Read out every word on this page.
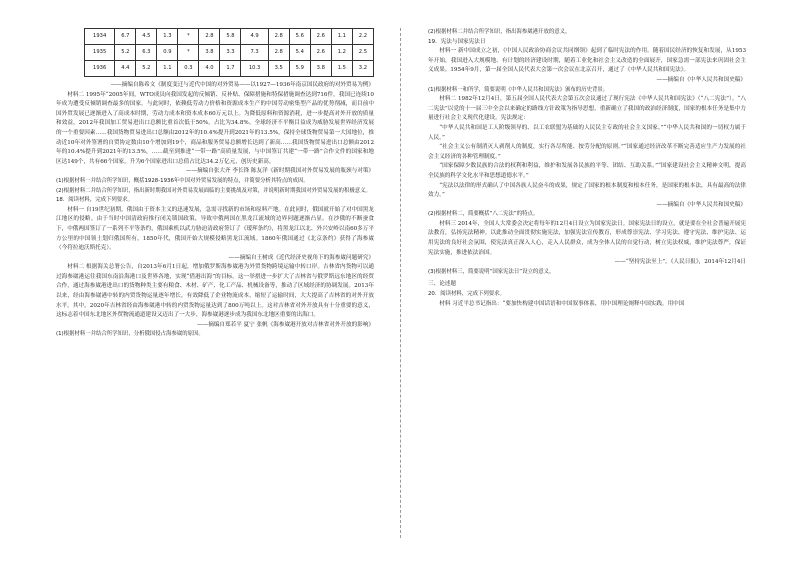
1934	6.7	4.5	1.3	*	2.8	5.8	4.9	2.8	5.6	2.6	1.1	2.2
1935	5.2	6.3	0.9	*	3.8	3.3	7.3	2.8	5.4	2.6	1.2	2.5
1936	4.4	5.2	1.1	0.3	4.0	1.7	10.3	3.5	5.9	3.8	1.5	3.2

——摘编自陈希文《制度变迁与近代中国的对外贸易——以1927—1936年南京国民政府的对外贸易为例》

材料二 1995年“2005年间，WTO成员向我国发起的反倾销、反补贴、保障措施和特保措施调查达到716件，我国已连续10年成为遭受反倾销调查最多的国家。与此同时，依赖低劳动力价格和资源成本生产的中国劳动密集型产品的优势削减，而目前中国外贸发展已逐渐进入了高成本时期，劳动力成本和资本成本60万元以上。为降低原料和资源消耗，进一步提高对外开放的质量和效益，2012年我国加工贸易进出口总额比重首次低于50%，占比为34.8%。全球经济不平衡目益成为威胁发展世界经济发展的一个重要因素……我国货物贸易进出口总额由2012年的10.4%提升到2021年的13.5%，保持全球货物贸易第一大国地位，推动近10年对外签署的自贸协定数由10个增加到19个，商品和服务贸易总额增长达到了新高……我国货物贸易进出口总额由2012年的10.4%提升到2021年的13.5%，……截至到推进“一带一路”高质量发展，与中国签订共建“一带一路”合作文件的国家和地区达149个，共有66个国家，升为6个国家进出口总值占比达34.2万亿元，创历史新高。

——摘编自张大齐 李长锋 陈友洋《新时期我国对外贸易发展的瓶颈与对策》

(1)根据材料一并结合所学知识，概括1928-1936年中国对外贸易发展的特点，并简要分析其特点的成因。

(2)根据材料二并结合所学知识，指出新时期我国对外贸易发展面临的主要挑战及对策，并说明新时期我国对外贸易发展的积极意义。

18．阅读材料，完成下列要求。

材料一 自19世纪初期，俄国由于资本主义的迅速发展，急需寻找新的市场和原料产地。在此同时，俄国就开始了对中国黑龙江地区的侵略。由于当时中国清政府推行闭关锁国政策，导致中俄两国在黑龙江流域的边界问题逐渐凸显。在沙俄的不断蚕食下，中俄两国签订了一系列不平等条约，俄国乘机以武力胁迫清政府签订了《瑷珲条约》，将黑龙江以北、外兴安岭以南60多万平方公里的中国领土划归俄国所有。1850年代，俄国开始大规模侵略黑龙江流域。1860年俄国通过《北京条约》获得了海参崴（今符拉迪沃斯托克）。

——摘编自王树成《近代经济史视角下的海参崴问题研究》

材料二 根据海关总署公告，自2013年6月1日起，增加俄罗斯海参崴港为外贸货物跨境运输中转口岸。吉林省内货物可以通过海参崴港运往我国东南沿海港口及世界各地，实现“借港出海”的目标。这一举措进一步扩大了吉林省与俄罗斯远东地区的经贸合作，通过海参崴港进出口的货物种类主要有粮食、木材、矿产、化工产品、机械设备等，推动了区域经济的协调发展。2013年以来，经由海参崴港中转的内贸货物运量逐年增长，有效降低了企业物流成本，缩短了运输时间，大大提高了吉林省的对外开放水平。其中，2020年吉林省经由海参崴港中转的内贸货物运量达到了800万吨以上。这对吉林省对外开放具有十分重要的意义，这标志着中国东北地区外贸物流通道建设又迈出了一大步，海参崴港逐步成为我国东北地区重要的出海口。

——摘编自郑若平 夏宁 张帆《海参崴港开放对吉林省对外开放的影响》

(1)根据材料一并结合所学知识，分析俄国侵占海参崴的原因。

(2)根据材料二并结合所学知识，指出海参崴港开放的意义。

19．宪法与国家宪法日

材料一 新中国成立之初，《中国人民政治协商会议共同纲领》起到了临时宪法的作用。随着国民经济的恢复和发展，从1953年开始，我国进入大规模地、有计划的经济建设时期，随着工业化和社会主义改造的全面展开，国家急需一部宪法来巩固社会主义成果。1954年9月，第一届全国人民代表大会第一次会议在北京召开，通过了《中华人民共和国宪法》。

——摘编自《中华人民共和国史稿》

(1)根据材料一和所学，简要说明《中华人民共和国宪法》颁布的历史背景。

材料二 1982年12月4日，第五届全国人民代表大会第五次会议通过了现行宪法《中华人民共和国宪法》（“八二宪法”）。“八二宪法”以党的十一届三中全会以来确定的路线方针政策为指导思想，重新确立了我国的政治经济制度，国家的根本任务是集中力量进行社会主义现代化建设。宪法规定：

“中华人民共和国是工人阶级领导的、以工农联盟为基础的人民民主专政的社会主义国家。”“中华人民共和国的一切权力属于人民。”

“社会主义公有制消灭人剥削人的制度，实行各尽所能、按劳分配的原则。”“国家通过经济改革不断完善适应生产力发展的社会主义经济的各种管理制度。”

“国家保障少数民族的合法的权利和利益，维护和发展各民族的平等、团结、互助关系。”“国家建设社会主义精神文明，提高全民族的科学文化水平和思想道德水平。”

“宪法以法律的形式确认了中国各族人民奋斗的成果，规定了国家的根本制度和根本任务，是国家的根本法，具有最高的法律效力。”

——摘编自《中华人民共和国史稿》

(2)根据材料二，简要概括“八二宪法”的特点。

材料三 2014年，全国人大常委会决定将每年的12月4日设立为国家宪法日。国家宪法日的设立，就是要在全社会普遍开展宪法教育，弘扬宪法精神。以此推动全面贯彻实施宪法，加强宪法宣传教育，形成尊崇宪法、学习宪法、遵守宪法、维护宪法、运用宪法的良好社会氛围，使宪法真正深入人心，走入人民群众，成为全体人民的自觉行动，树立宪法权威，维护宪法尊严，保证宪法实施，推进依法治国。

——“坚持宪法至上”，《人民日报》，2014年12月4日

(3)根据材料三，简要说明“国家宪法日”设立的意义。

三、论述题

20．阅读材料，完成下列要求。

材料 习近平总书记指出：“要加快构建中国话语和中国叙事体系，用中国理论阐释中国实践，用中国
